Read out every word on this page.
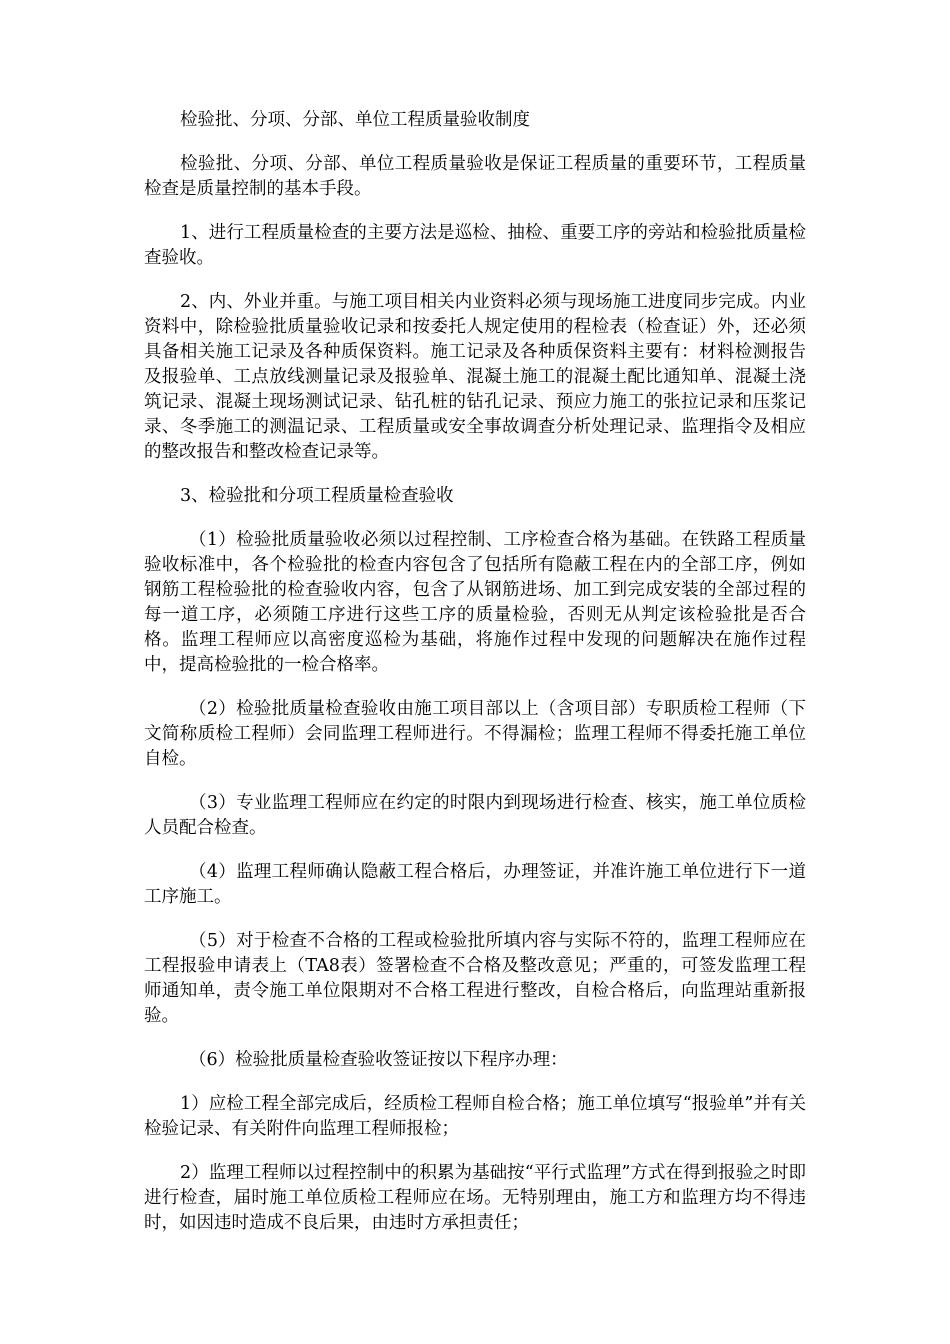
检验批、分项、分部、单位工程质量验收制度

检验批、分项、分部、单位工程质量验收是保证工程质量的重要环节，工程质量检查是质量控制的基本手段。

1、进行工程质量检查的主要方法是巡检、抽检、重要工序的旁站和检验批质量检查验收。

2、内、外业并重。与施工项目相关内业资料必须与现场施工进度同步完成。内业资料中，除检验批质量验收记录和按委托人规定使用的程检表（检查证）外，还必须具备相关施工记录及各种质保资料。施工记录及各种质保资料主要有：材料检测报告及报验单、工点放线测量记录及报验单、混凝土施工的混凝土配比通知单、混凝土浇筑记录、混凝土现场测试记录、钻孔桩的钻孔记录、预应力施工的张拉记录和压浆记录、冬季施工的测温记录、工程质量或安全事故调查分析处理记录、监理指令及相应的整改报告和整改检查记录等。

3、检验批和分项工程质量检查验收

（1）检验批质量验收必须以过程控制、工序检查合格为基础。在铁路工程质量验收标准中，各个检验批的检查内容包含了包括所有隐蔽工程在内的全部工序，例如钢筋工程检验批的检查验收内容，包含了从钢筋进场、加工到完成安装的全部过程的每一道工序，必须随工序进行这些工序的质量检验，否则无从判定该检验批是否合格。监理工程师应以高密度巡检为基础，将施作过程中发现的问题解决在施作过程中，提高检验批的一检合格率。

（2）检验批质量检查验收由施工项目部以上（含项目部）专职质检工程师（下文简称质检工程师）会同监理工程师进行。不得漏检；监理工程师不得委托施工单位自检。

（3）专业监理工程师应在约定的时限内到现场进行检查、核实，施工单位质检人员配合检查。

（4）监理工程师确认隐蔽工程合格后，办理签证，并准许施工单位进行下一道工序施工。

（5）对于检查不合格的工程或检验批所填内容与实际不符的，监理工程师应在工程报验申请表上（TA8表）签署检查不合格及整改意见；严重的，可签发监理工程师通知单，责令施工单位限期对不合格工程进行整改，自检合格后，向监理站重新报验。

（6）检验批质量检查验收签证按以下程序办理：

1）应检工程全部完成后，经质检工程师自检合格；施工单位填写“报验单”并有关检验记录、有关附件向监理工程师报检；

2）监理工程师以过程控制中的积累为基础按“平行式监理”方式在得到报验之时即进行检查，届时施工单位质检工程师应在场。无特别理由，施工方和监理方均不得违时，如因违时造成不良后果，由违时方承担责任；
